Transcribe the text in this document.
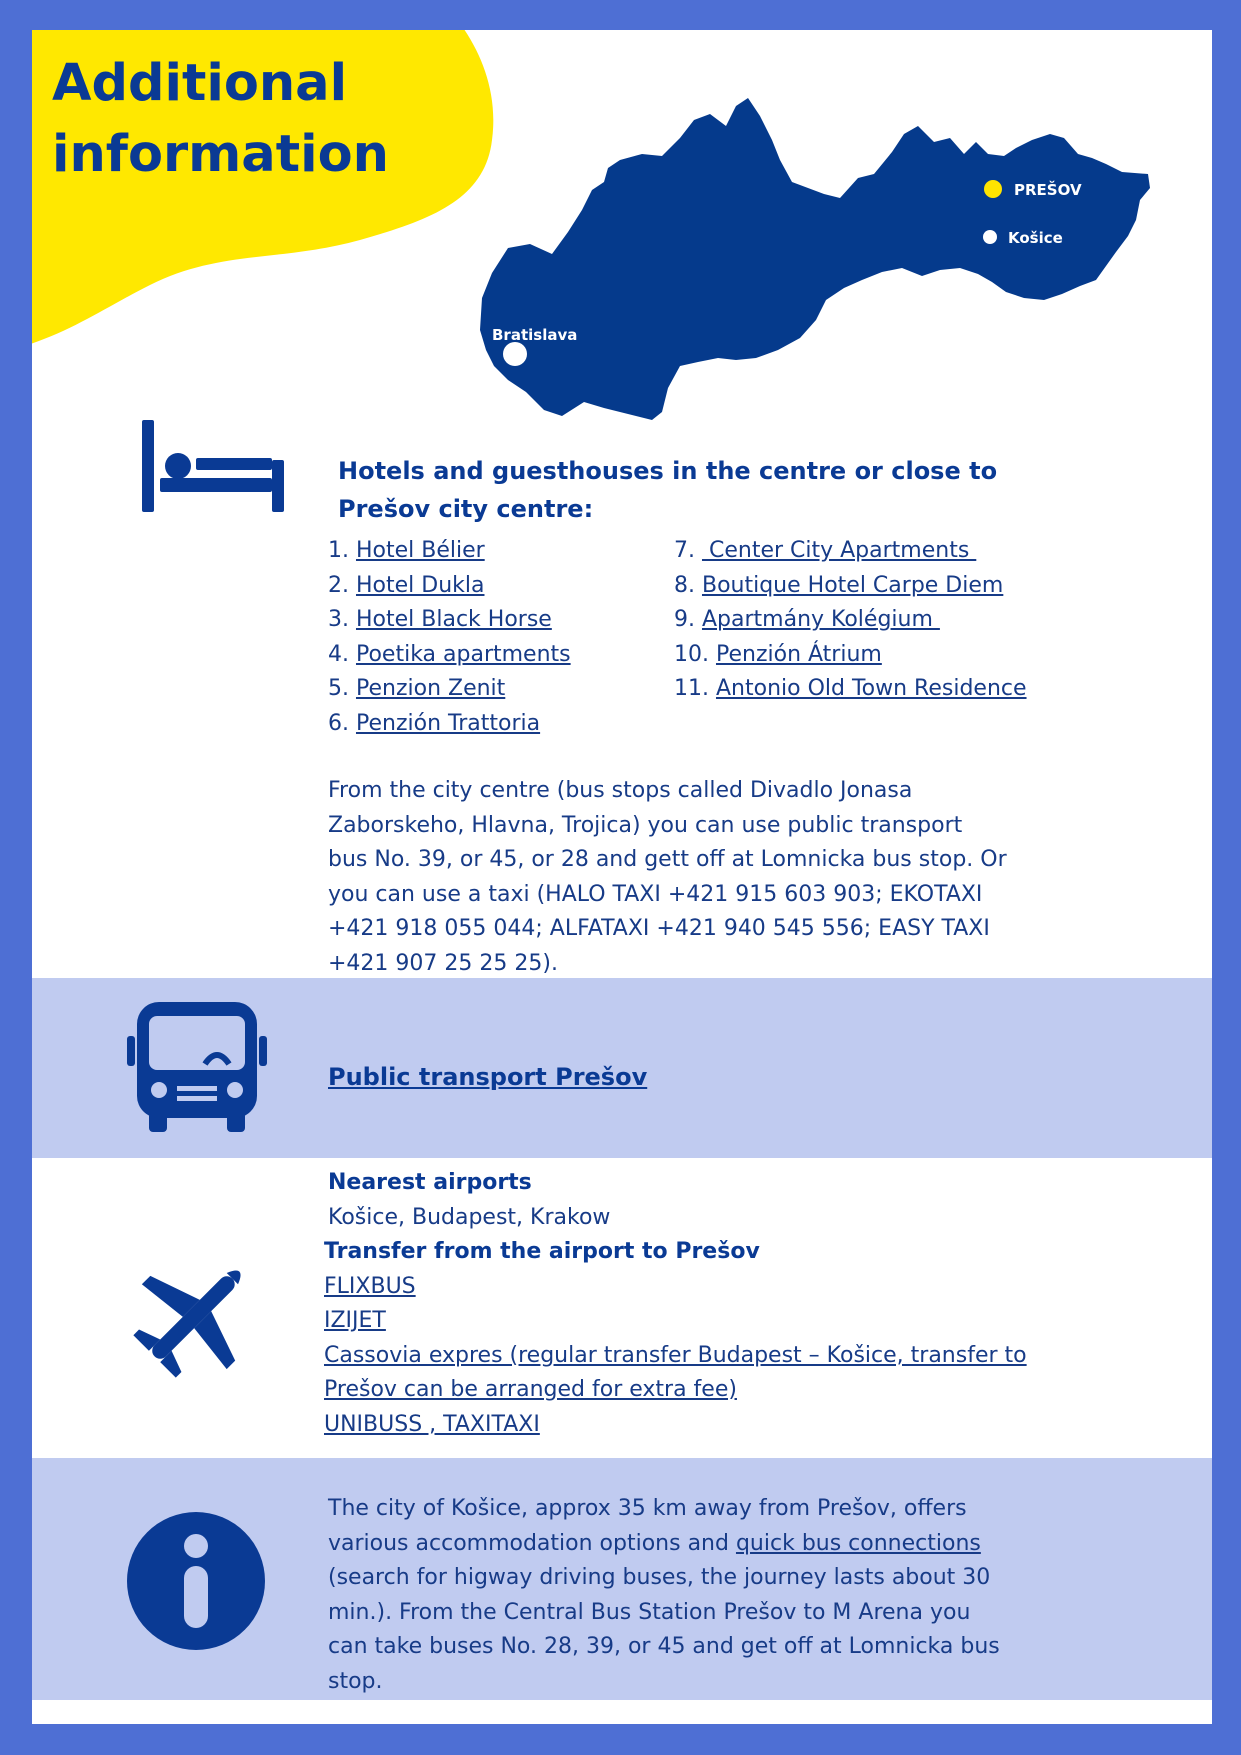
Additional
information
PREŠOV
Košice
Bratislava
Hotels and guesthouses in the centre or close to
Prešov city centre:
1. Hotel Bélier
2. Hotel Dukla
3. Hotel Black Horse
4. Poetika apartments
5. Penzion Zenit
6. Penzión Trattoria
7.  Center City Apartments
8. Boutique Hotel Carpe Diem
9. Apartmány Kolégium
10. Penzión Átrium
11. Antonio Old Town Residence
From the city centre (bus stops called Divadlo Jonasa
Zaborskeho, Hlavna, Trojica) you can use public transport
bus No. 39, or 45, or 28 and gett off at Lomnicka bus stop. Or
you can use a taxi (HALO TAXI +421 915 603 903; EKOTAXI
+421 918 055 044; ALFATAXI +421 940 545 556; EASY TAXI
+421 907 25 25 25).
Public transport Prešov
Nearest airports
Košice, Budapest, Krakow
Transfer from the airport to Prešov
FLIXBUS
IZIJET
Cassovia expres (regular transfer Budapest – Košice, transfer to
Prešov can be arranged for extra fee)
UNIBUSS , TAXITAXI
The city of Košice, approx 35 km away from Prešov, offers
various accommodation options and quick bus connections
(search for higway driving buses, the journey lasts about 30
min.). From the Central Bus Station Prešov to M Arena you
can take buses No. 28, 39, or 45 and get off at Lomnicka bus
stop.
